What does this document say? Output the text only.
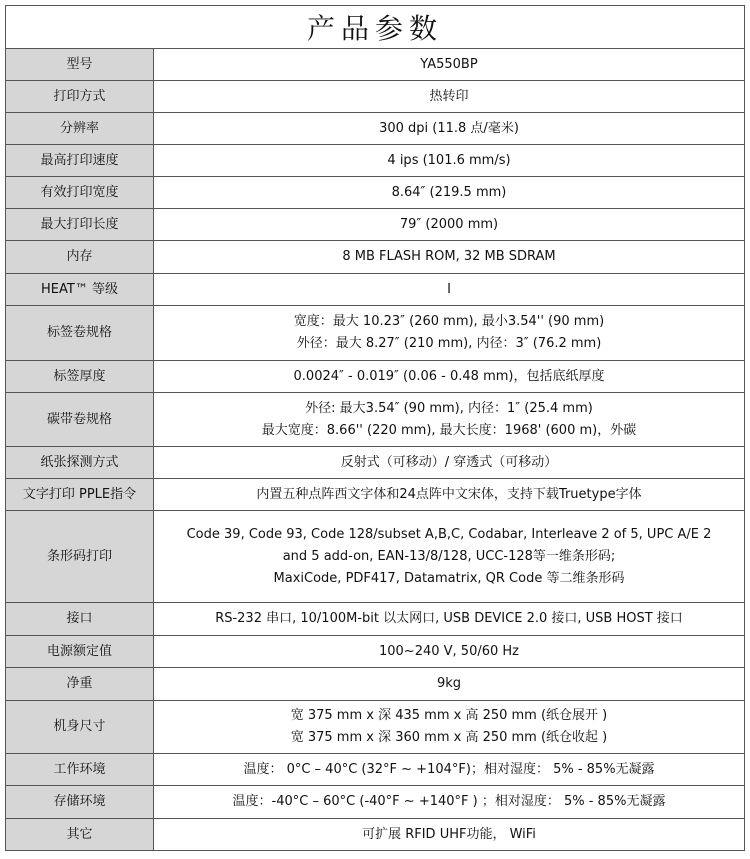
产品参数
型号	YA550BP

打印方式	热转印

分辨率	300 dpi (11.8 点/毫米)

最高打印速度	4 ips (101.6 mm/s)

有效打印宽度	8.64″ (219.5 mm)

最大打印长度	79″ (2000 mm)

内存	8 MB FLASH ROM, 32 MB SDRAM

HEAT™ 等级	I

标签卷规格	宽度：最大 10.23″ (260 mm), 最小3.54'' (90 mm)
外径：最大 8.27″ (210 mm), 内径：3″ (76.2 mm)

标签厚度	0.0024″ - 0.019″ (0.06 - 0.48 mm)，包括底纸厚度

碳带卷规格	外径: 最大3.54″ (90 mm), 内径：1″ (25.4 mm)
最大宽度：8.66'' (220 mm), 最大长度：1968' (600 m)，外碳

纸张探测方式	反射式（可移动）/ 穿透式（可移动）

文字打印 PPLE指令	内置五种点阵西文字体和24点阵中文宋体，支持下载Truetype字体

条形码打印	Code 39, Code 93, Code 128/subset A,B,C, Codabar, Interleave 2 of 5, UPC A/E 2
and 5 add-on, EAN-13/8/128, UCC-128等一维条形码;
MaxiCode, PDF417, Datamatrix, QR Code 等二维条形码

接口	RS-232 串口, 10/100M-bit 以太网口, USB DEVICE 2.0 接口, USB HOST 接口

电源额定值	100~240 V, 50/60 Hz

净重	9kg

机身尺寸	宽 375 mm x 深 435 mm x 高 250 mm (纸仓展开 )
宽 375 mm x 深 360 mm x 高 250 mm (纸仓收起 )

工作环境	温度： 0°C – 40°C (32°F ~ +104°F)；相对湿度： 5% - 85%无凝露

存储环境	温度：-40°C – 60°C (-40°F ~ +140°F ) ；相对湿度： 5% - 85%无凝露

其它	可扩展 RFID UHF功能， WiFi
